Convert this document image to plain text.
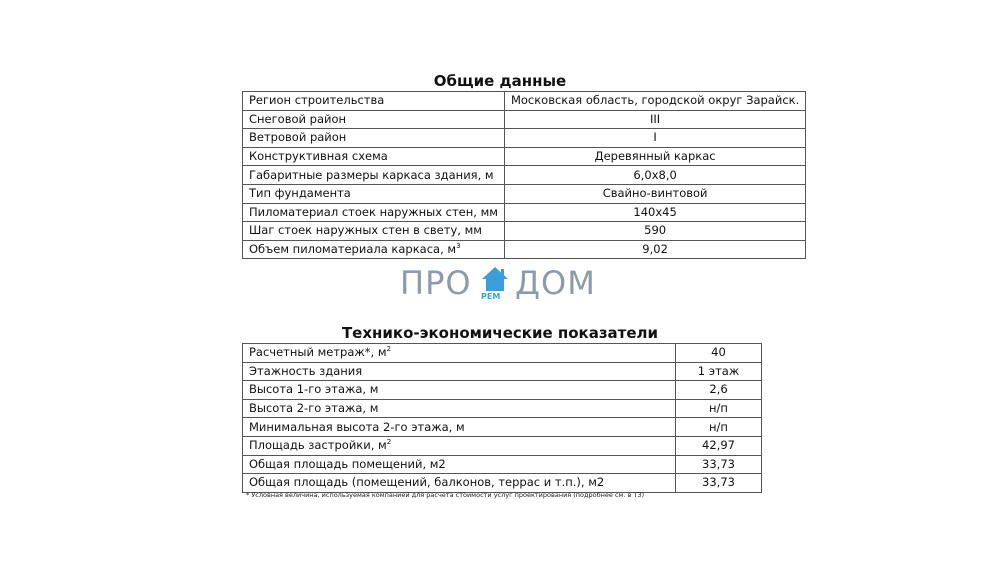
Общие данные
Регион строительства	Московская область, городской округ Зарайск.
Снеговой район	III
Ветровой район	I
Конструктивная схема	Деревянный каркас
Габаритные размеры каркаса здания, м	6,0х8,0
Тип фундамента	Свайно-винтовой
Пиломатериал стоек наружных стен, мм	140х45
Шаг стоек наружных стен в свету, мм	590
Объем пиломатериала каркаса, $м^3$	9,02
ПРО РЕМ ДОМ
Технико-экономические показатели
Расчетный метраж*, $м^2$	40
Этажность здания	1 этаж
Высота 1-го этажа, м	2,6
Высота 2-го этажа, м	н/п
Минимальная высота 2-го этажа, м	н/п
Площадь застройки, $м^2$	42,97
Общая площадь помещений, м2	33,73
Общая площадь (помещений, балконов, террас и т.п.), м2	33,73
* Условная величина, используемая компанией для расчета стоимости услуг проектирования (подробнее см. в ТЗ)
